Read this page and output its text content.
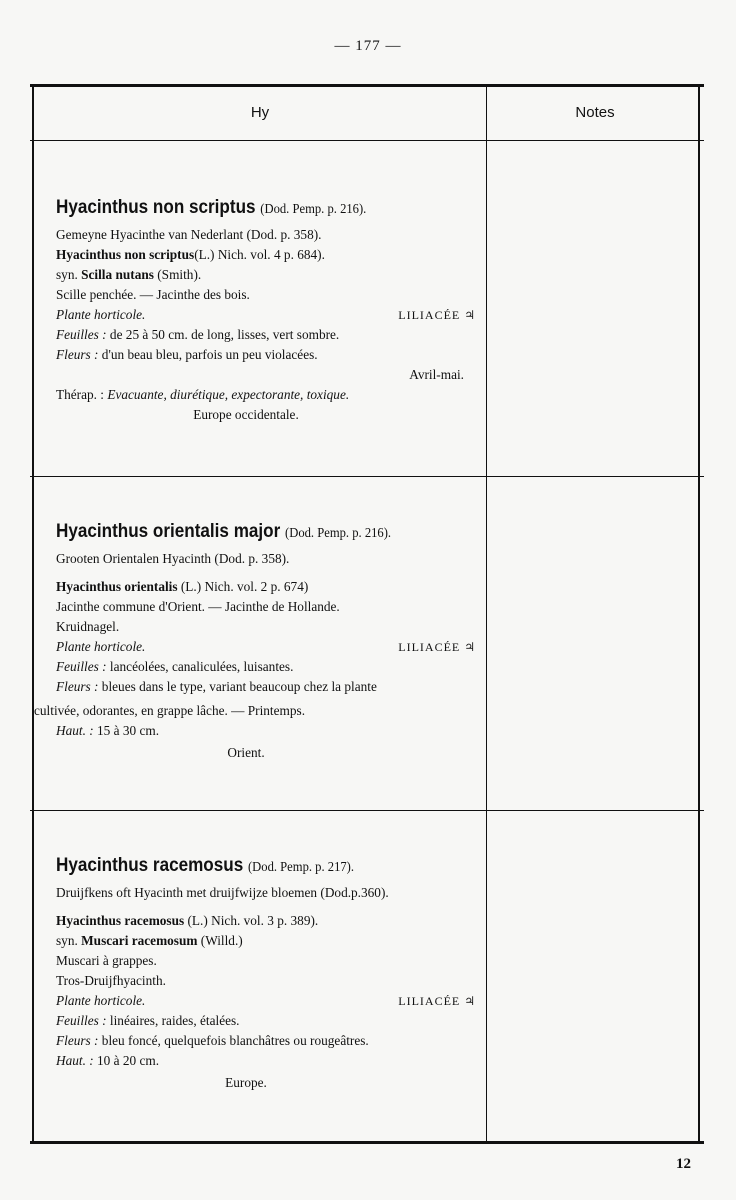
— 177 —
Hy	Notes
Hyacinthus non scriptus (Dod. Pemp. p. 216).
Gemeyne Hyacinthe van Nederlant (Dod. p. 358).
Hyacinthus non scriptus(L.) Nich. vol. 4 p. 684).
syn. Scilla nutans (Smith).
Scille penchée. — Jacinthe des bois.
Plante horticole.	LILIACÉE ♃
Feuilles : de 25 à 50 cm. de long, lisses, vert sombre.
Fleurs : d'un beau bleu, parfois un peu violacées.
Avril-mai.
Thérap. : Evacuante, diurétique, expectorante, toxique.
Europe occidentale.
Hyacinthus orientalis major (Dod. Pemp. p. 216).
Grooten Orientalen Hyacinth (Dod. p. 358).
Hyacinthus orientalis (L.) Nich. vol. 2 p. 674)
Jacinthe commune d'Orient. — Jacinthe de Hollande.
Kruidnagel.
Plante horticole.	LILIACÉE ♃
Feuilles : lancéolées, canaliculées, luisantes.
Fleurs : bleues dans le type, variant beaucoup chez la plante
cultivée, odorantes, en grappe lâche. — Printemps.
Haut. : 15 à 30 cm.
Orient.
Hyacinthus racemosus (Dod. Pemp. p. 217).
Druijfkens oft Hyacinth met druijfwijze bloemen (Dod.p.360).
Hyacinthus racemosus (L.) Nich. vol. 3 p. 389).
syn. Muscari racemosum (Willd.)
Muscari à grappes.
Tros-Druijfhyacinth.
Plante horticole.	LILIACÉE ♃
Feuilles : linéaires, raides, étalées.
Fleurs : bleu foncé, quelquefois blanchâtres ou rougeâtres.
Haut. : 10 à 20 cm.
Europe.
12
